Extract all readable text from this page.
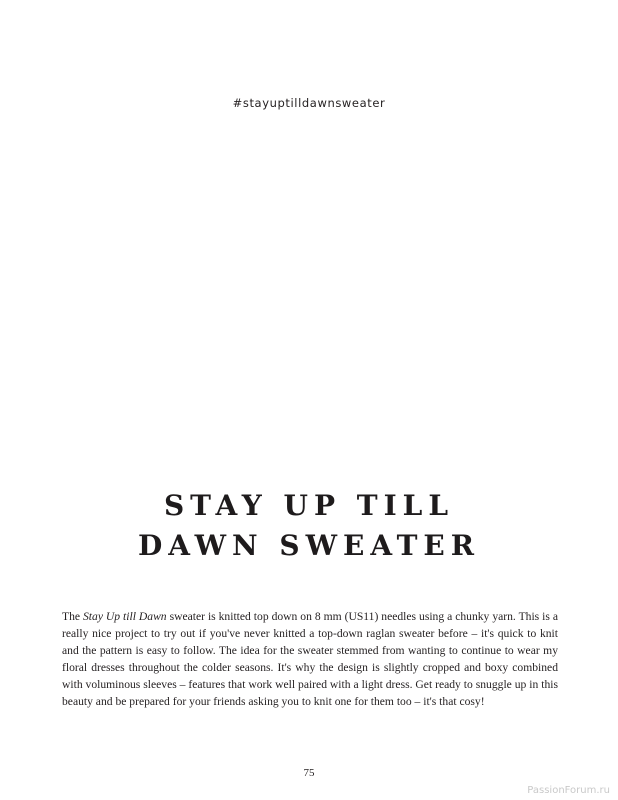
#stayuptilldawnsweater
STAY UP TILL
DAWN SWEATER

The Stay Up till Dawn sweater is knitted top down on 8 mm (US11) needles using a chunky yarn. This is a really nice project to try out if you've never knitted a top-down raglan sweater before – it's quick to knit and the pattern is easy to follow. The idea for the sweater stemmed from wanting to continue to wear my floral dresses throughout the colder seasons. It's why the design is slightly cropped and boxy combined with voluminous sleeves – features that work well paired with a light dress. Get ready to snuggle up in this beauty and be prepared for your friends asking you to knit one for them too – it's that cosy!

75
PassionForum.ru
